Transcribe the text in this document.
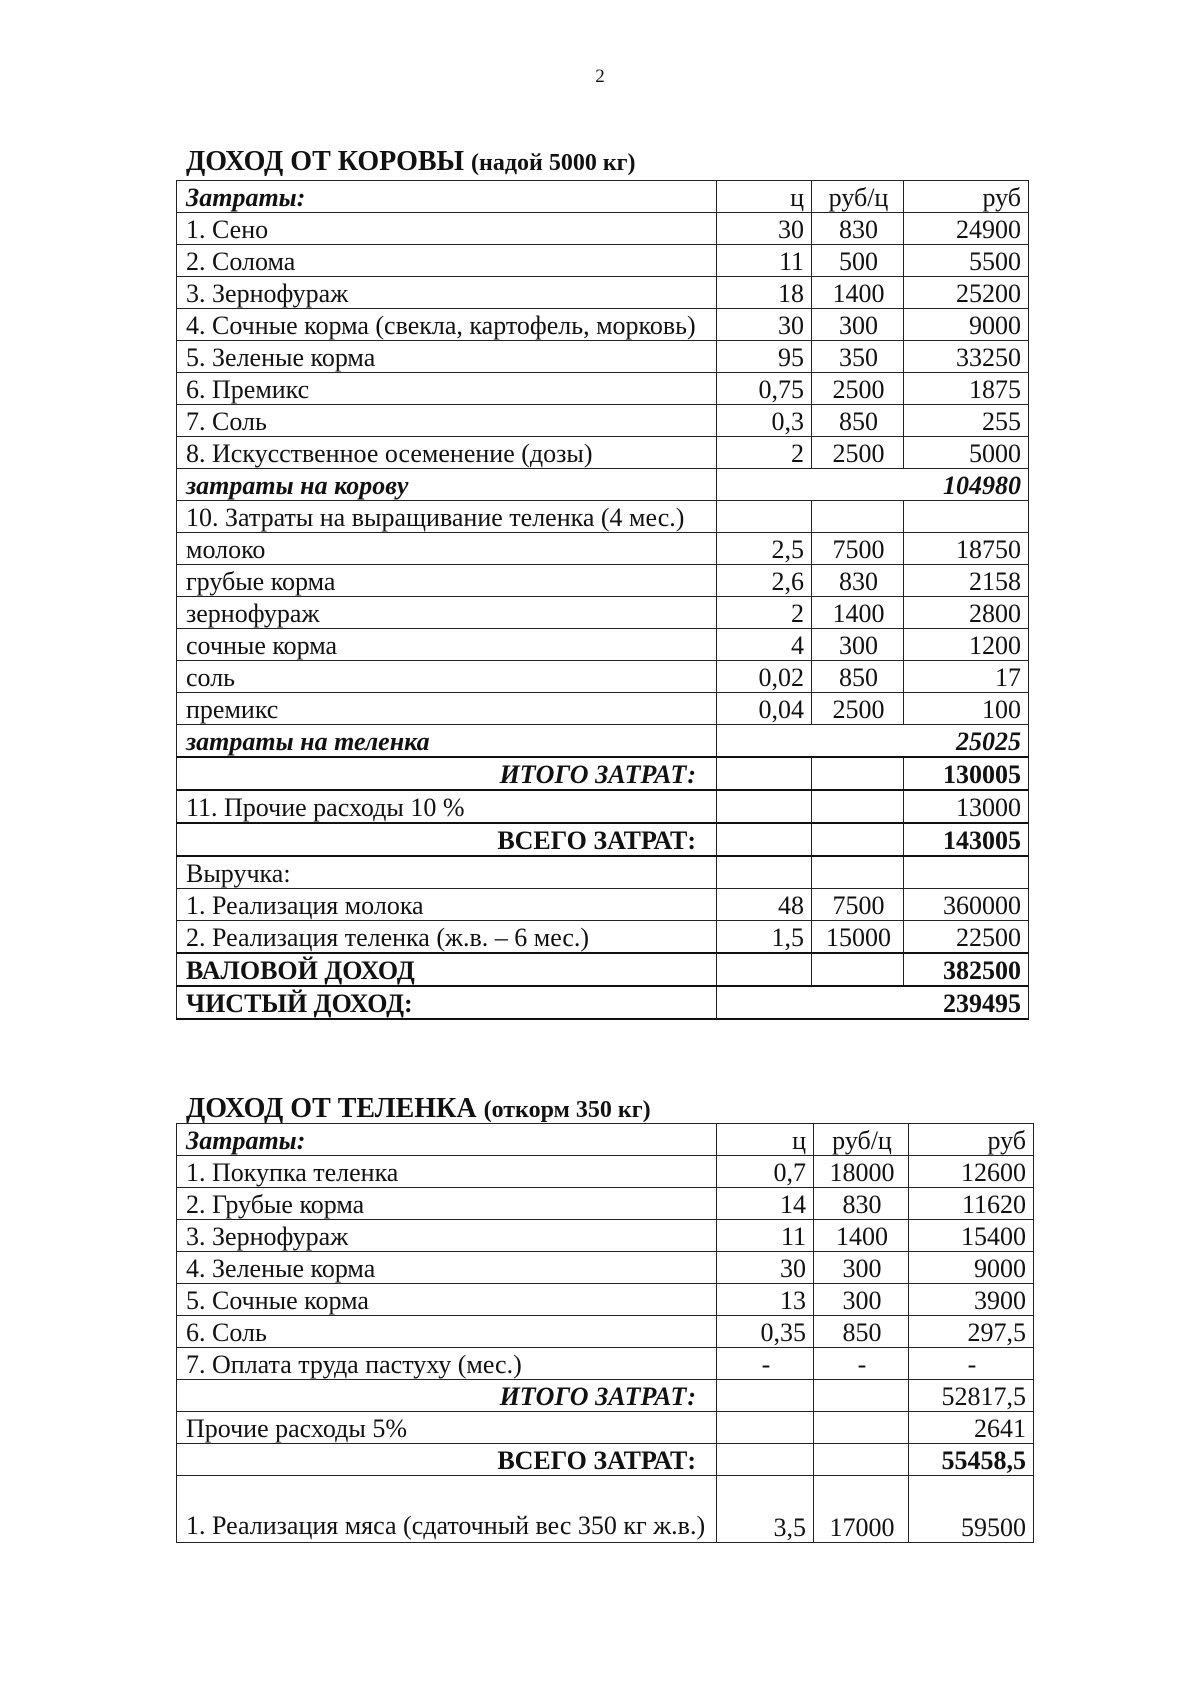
2
ДОХОД ОТ КОРОВЫ (надой 5000 кг)
Затраты:	ц	руб/ц	руб
1. Сено	30	830	24900
2. Солома	11	500	5500
3. Зернофураж	18	1400	25200
4. Сочные корма (свекла, картофель, морковь)	30	300	9000
5. Зеленые корма	95	350	33250
6. Премикс	0,75	2500	1875
7. Соль	0,3	850	255
8. Искусственное осеменение (дозы)	2	2500	5000
затраты на корову	104980		
10. Затраты на выращивание теленка (4 мес.)			
молоко	2,5	7500	18750
грубые корма	2,6	830	2158
зернофураж	2	1400	2800
сочные корма	4	300	1200
соль	0,02	850	17
премикс	0,04	2500	100
затраты на теленка	25025		
ИТОГО ЗАТРАТ:			130005
11. Прочие расходы 10 %			13000
ВСЕГО ЗАТРАТ:			143005
Выручка:			
1. Реализация молока	48	7500	360000
2. Реализация теленка (ж.в. – 6 мес.)	1,5	15000	22500
ВАЛОВОЙ ДОХОД			382500
ЧИСТЫЙ ДОХОД:	239495		
ДОХОД ОТ ТЕЛЕНКА (откорм 350 кг)
Затраты:	ц	руб/ц	руб
1. Покупка теленка	0,7	18000	12600
2. Грубые корма	14	830	11620
3. Зернофураж	11	1400	15400
4. Зеленые корма	30	300	9000
5. Сочные корма	13	300	3900
6. Соль	0,35	850	297,5
7. Оплата труда пастуху (мес.)	-	-	-
ИТОГО ЗАТРАТ:			52817,5
Прочие расходы 5%			2641
ВСЕГО ЗАТРАТ:			55458,5
1. Реализация мяса (сдаточный вес 350 кг ж.в.)	3,5	17000	59500
